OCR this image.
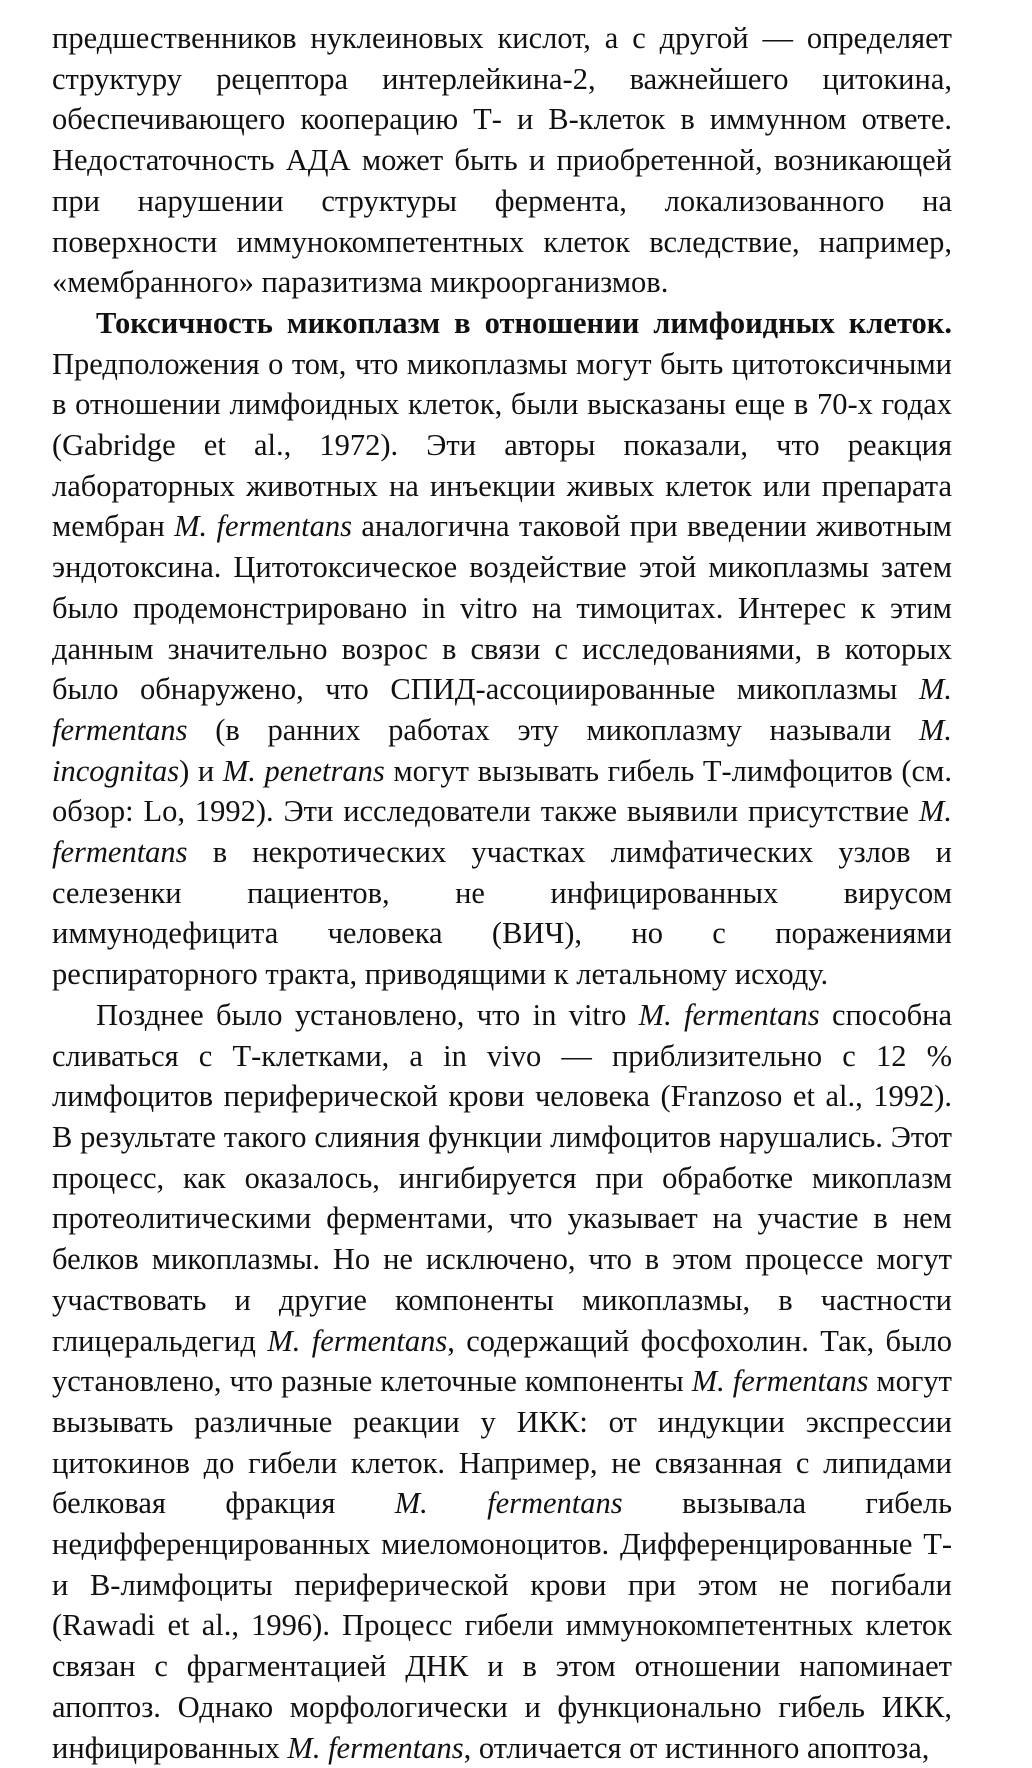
предшественников нуклеиновых кислот, а с другой — определяет структуру рецептора интерлейкина-2, важнейшего цитокина, обеспечивающего кооперацию Т- и В-клеток в иммунном ответе. Недостаточность АДА может быть и приобретенной, возникающей при нарушении структуры фермента, локализованного на поверхности иммунокомпетентных клеток вследствие, например, «мембранного» паразитизма микроорганизмов.

Токсичность микоплазм в отношении лимфоидных клеток. Предположения о том, что микоплазмы могут быть цитотоксичными в отношении лимфоидных клеток, были высказаны еще в 70-х годах (Gabridge et al., 1972). Эти авторы показали, что реакция лабораторных животных на инъекции живых клеток или препарата мембран M. fermentans аналогична таковой при введении животным эндотоксина. Цитотоксическое воздействие этой микоплазмы затем было продемонстрировано in vitro на тимоцитах. Интерес к этим данным значительно возрос в связи с исследованиями, в которых было обнаружено, что СПИД-ассоциированные микоплазмы M. fermentans (в ранних работах эту микоплазму называли M. incognitas) и M. penetrans могут вызывать гибель Т-лимфоцитов (см. обзор: Lo, 1992). Эти исследователи также выявили присутствие M. fermentans в некротических участках лимфатических узлов и селезенки пациентов, не инфицированных вирусом иммунодефицита человека (ВИЧ), но с поражениями респираторного тракта, приводящими к летальному исходу.

Позднее было установлено, что in vitro M. fermentans способна сливаться с Т-клетками, а in vivo — приблизительно с 12 % лимфоцитов периферической крови человека (Franzoso et al., 1992). В результате такого слияния функции лимфоцитов нарушались. Этот процесс, как оказалось, ингибируется при обработке микоплазм протеолитическими ферментами, что указывает на участие в нем белков микоплазмы. Но не исключено, что в этом процессе могут участвовать и другие компоненты микоплазмы, в частности глицеральдегид M. fermentans, содержащий фосфохолин. Так, было установлено, что разные клеточные компоненты M. fermentans могут вызывать различные реакции у ИКК: от индукции экспрессии цитокинов до гибели клеток. Например, не связанная с липидами белковая фракция M. fermentans вызывала гибель недифференцированных миеломоноцитов. Дифференцированные Т- и В-лимфоциты периферической крови при этом не погибали (Rawadi et al., 1996). Процесс гибели иммунокомпетентных клеток связан с фрагментацией ДНК и в этом отношении напоминает апоптоз. Однако морфологически и функционально гибель ИКК, инфицированных M. fermentans, отличается от истинного апоптоза,
